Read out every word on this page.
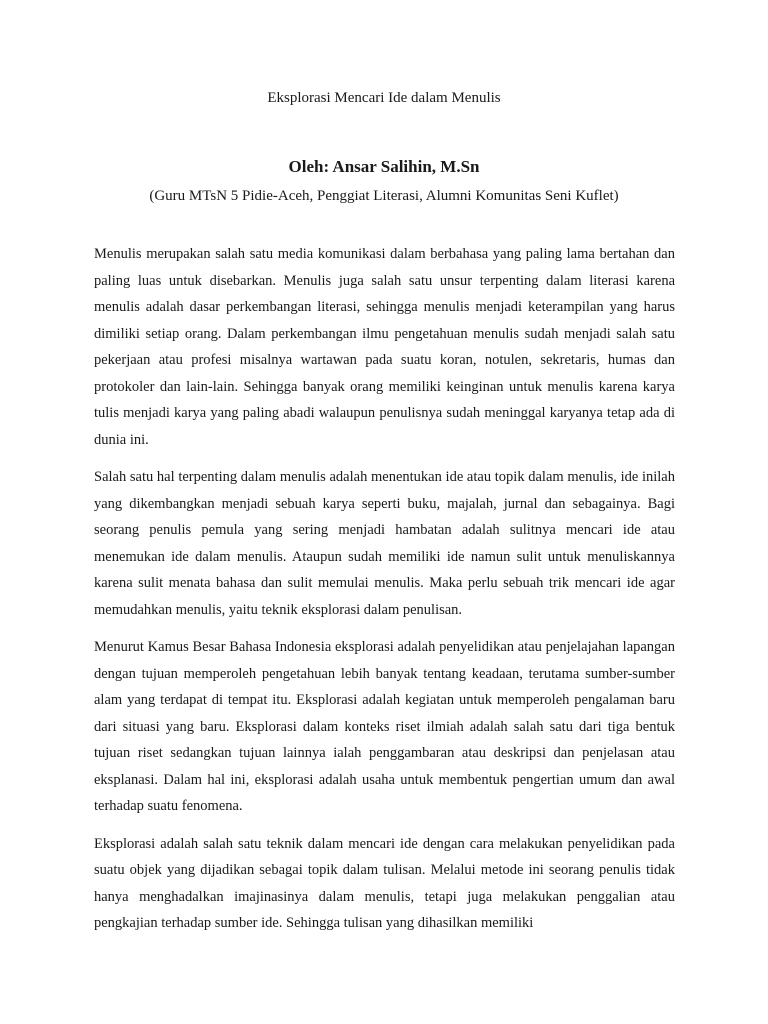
Eksplorasi Mencari Ide dalam Menulis
Oleh: Ansar Salihin, M.Sn
(Guru MTsN 5 Pidie-Aceh, Penggiat Literasi, Alumni Komunitas Seni Kuflet)

Menulis merupakan salah satu media komunikasi dalam berbahasa yang paling lama bertahan dan paling luas untuk disebarkan. Menulis juga salah satu unsur terpenting dalam literasi karena menulis adalah dasar perkembangan literasi, sehingga menulis menjadi keterampilan yang harus dimiliki setiap orang. Dalam perkembangan ilmu pengetahuan menulis sudah menjadi salah satu pekerjaan atau profesi misalnya wartawan pada suatu koran, notulen, sekretaris, humas dan protokoler dan lain-lain. Sehingga banyak orang memiliki keinginan untuk menulis karena karya tulis menjadi karya yang paling abadi walaupun penulisnya sudah meninggal karyanya tetap ada di dunia ini.

Salah satu hal terpenting dalam menulis adalah menentukan ide atau topik dalam menulis, ide inilah yang dikembangkan menjadi sebuah karya seperti buku, majalah, jurnal dan sebagainya. Bagi seorang penulis pemula yang sering menjadi hambatan adalah sulitnya mencari ide atau menemukan ide dalam menulis. Ataupun sudah memiliki ide namun sulit untuk menuliskannya karena sulit menata bahasa dan sulit memulai menulis. Maka perlu sebuah trik mencari ide agar memudahkan menulis, yaitu teknik eksplorasi dalam penulisan.

Menurut Kamus Besar Bahasa Indonesia eksplorasi adalah penyelidikan atau penjelajahan lapangan dengan tujuan memperoleh pengetahuan lebih banyak tentang keadaan, terutama sumber-sumber alam yang terdapat di tempat itu. Eksplorasi adalah kegiatan untuk memperoleh pengalaman baru dari situasi yang baru. Eksplorasi dalam konteks riset ilmiah adalah salah satu dari tiga bentuk tujuan riset sedangkan tujuan lainnya ialah penggambaran atau deskripsi dan penjelasan atau eksplanasi. Dalam hal ini, eksplorasi adalah usaha untuk membentuk pengertian umum dan awal terhadap suatu fenomena.

Eksplorasi adalah salah satu teknik dalam mencari ide dengan cara melakukan penyelidikan pada suatu objek yang dijadikan sebagai topik dalam tulisan. Melalui metode ini seorang penulis tidak hanya menghadalkan imajinasinya dalam menulis, tetapi juga melakukan penggalian atau pengkajian terhadap sumber ide. Sehingga tulisan yang dihasilkan memiliki
